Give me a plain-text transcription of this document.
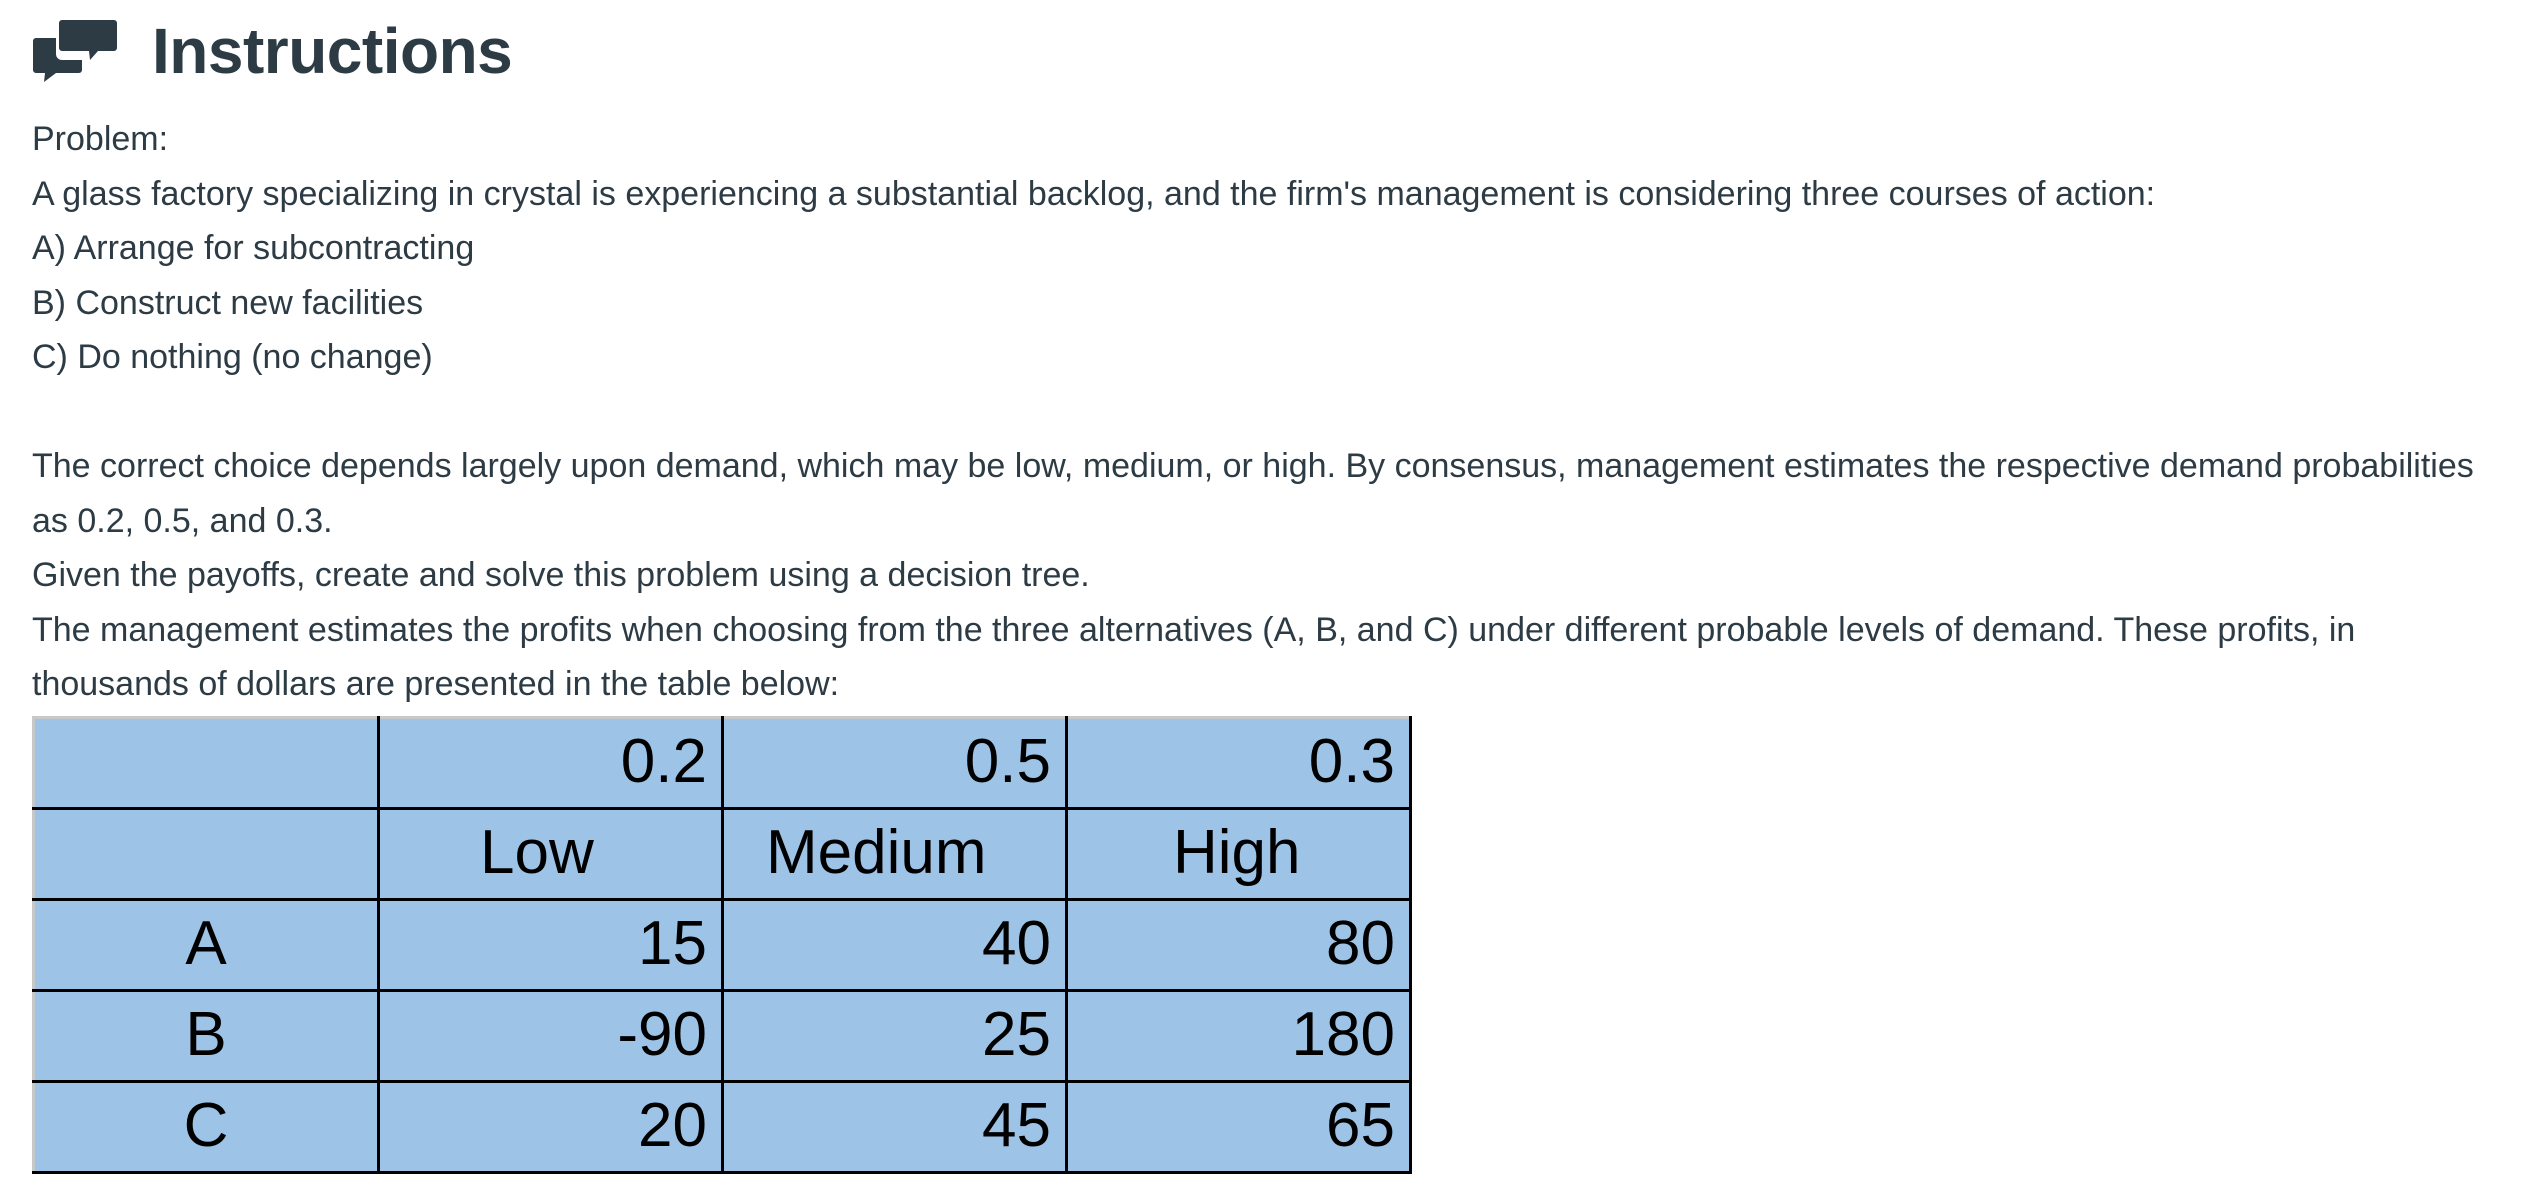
Instructions

Problem:

A glass factory specializing in crystal is experiencing a substantial backlog, and the firm's management is considering three courses of action:

A) Arrange for subcontracting

B) Construct new facilities

C) Do nothing (no change)

The correct choice depends largely upon demand, which may be low, medium, or high. By consensus, management estimates the respective demand probabilities as 0.2, 0.5, and 0.3.

Given the payoffs, create and solve this problem using a decision tree.

The management estimates the profits when choosing from the three alternatives (A, B, and C) under different probable levels of demand. These profits, in thousands of dollars are presented in the table below:

	0.2	0.5	0.3
	Low	Medium	High
A	15	40	80
B	-90	25	180
C	20	45	65
